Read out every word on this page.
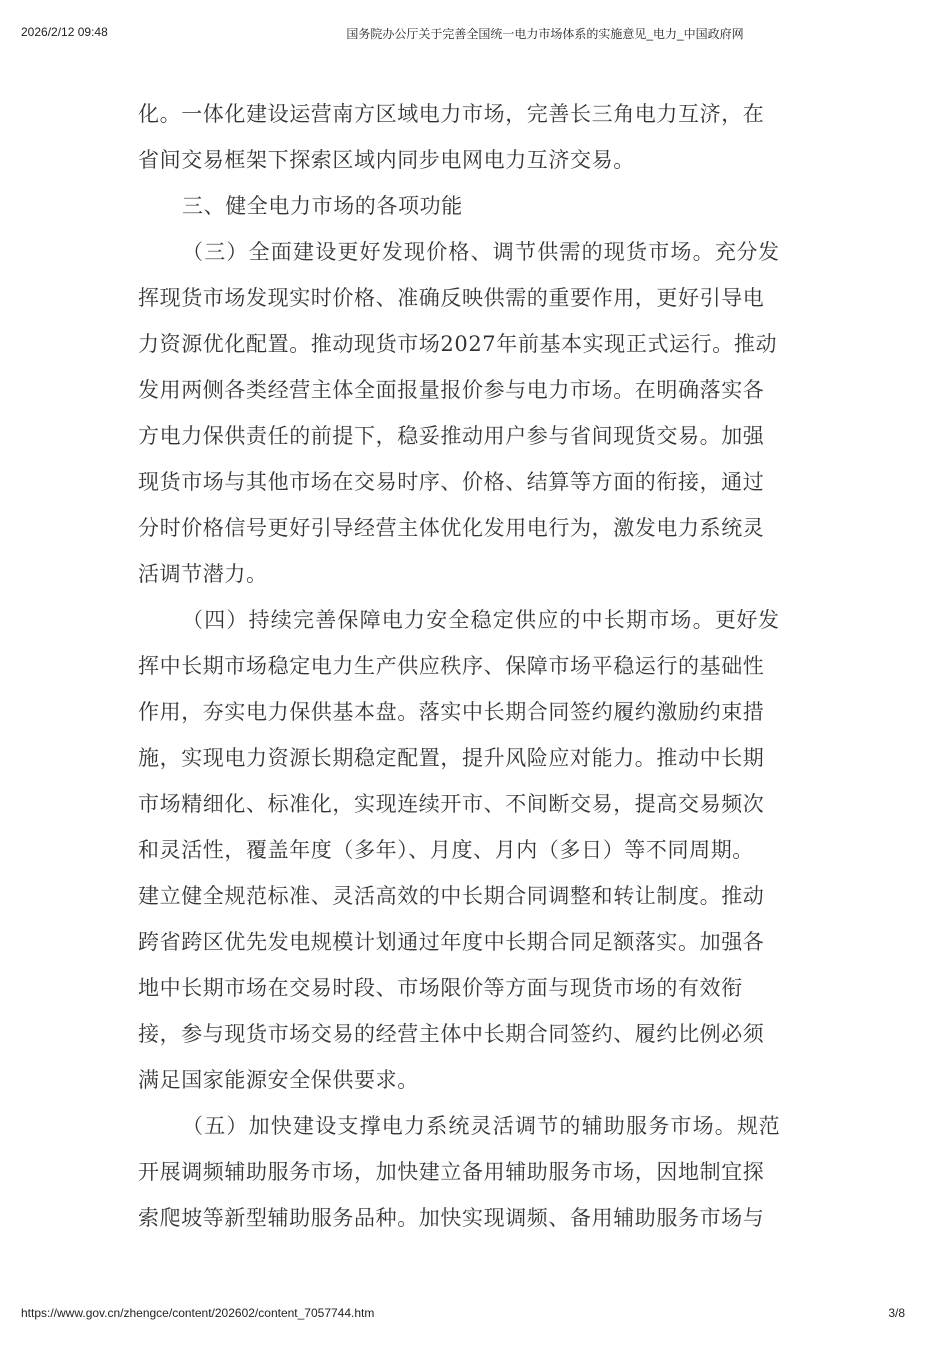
2026/2/12 09:48	国务院办公厅关于完善全国统一电力市场体系的实施意见_电力_中国政府网
化。一体化建设运营南方区域电力市场，完善长三角电力互济，在
省间交易框架下探索区域内同步电网电力互济交易。
三、健全电力市场的各项功能
（三）全面建设更好发现价格、调节供需的现货市场。充分发
挥现货市场发现实时价格、准确反映供需的重要作用，更好引导电
力资源优化配置。推动现货市场2027年前基本实现正式运行。推动
发用两侧各类经营主体全面报量报价参与电力市场。在明确落实各
方电力保供责任的前提下，稳妥推动用户参与省间现货交易。加强
现货市场与其他市场在交易时序、价格、结算等方面的衔接，通过
分时价格信号更好引导经营主体优化发用电行为，激发电力系统灵
活调节潜力。
（四）持续完善保障电力安全稳定供应的中长期市场。更好发
挥中长期市场稳定电力生产供应秩序、保障市场平稳运行的基础性
作用，夯实电力保供基本盘。落实中长期合同签约履约激励约束措
施，实现电力资源长期稳定配置，提升风险应对能力。推动中长期
市场精细化、标准化，实现连续开市、不间断交易，提高交易频次
和灵活性，覆盖年度（多年）、月度、月内（多日）等不同周期。
建立健全规范标准、灵活高效的中长期合同调整和转让制度。推动
跨省跨区优先发电规模计划通过年度中长期合同足额落实。加强各
地中长期市场在交易时段、市场限价等方面与现货市场的有效衔
接，参与现货市场交易的经营主体中长期合同签约、履约比例必须
满足国家能源安全保供要求。
（五）加快建设支撑电力系统灵活调节的辅助服务市场。规范
开展调频辅助服务市场，加快建立备用辅助服务市场，因地制宜探
索爬坡等新型辅助服务品种。加快实现调频、备用辅助服务市场与
https://www.gov.cn/zhengce/content/202602/content_7057744.htm	3/8
